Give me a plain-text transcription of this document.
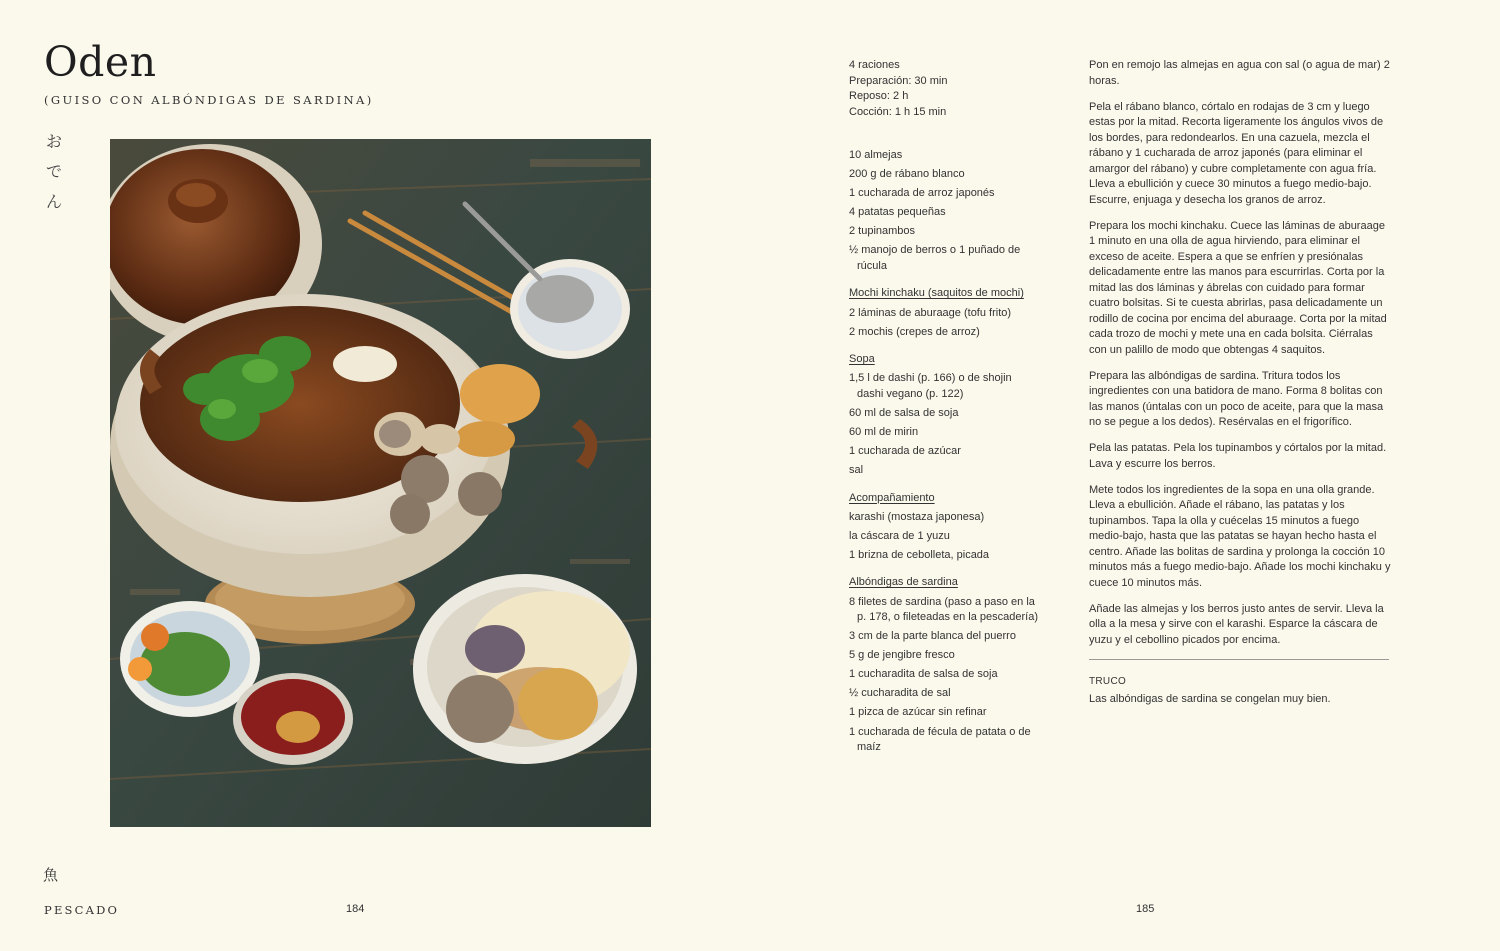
Oden
(GUISO CON ALBÓNDIGAS DE SARDINA)
お
で
ん
魚
PESCADO	184
4 raciones
Preparación: 30 min
Reposo: 2 h
Cocción: 1 h 15 min
10 almejas
200 g de rábano blanco
1 cucharada de arroz japonés
4 patatas pequeñas
2 tupinambos
½ manojo de berros o 1 puñado de rúcula
Mochi kinchaku (saquitos de mochi)
2 láminas de aburaage (tofu frito)
2 mochis (crepes de arroz)
Sopa
1,5 l de dashi (p. 166) o de shojin dashi vegano (p. 122)
60 ml de salsa de soja
60 ml de mirin
1 cucharada de azúcar
sal
Acompañamiento
karashi (mostaza japonesa)
la cáscara de 1 yuzu
1 brizna de cebolleta, picada
Albóndigas de sardina
8 filetes de sardina (paso a paso en la p. 178, o fileteadas en la pescadería)
3 cm de la parte blanca del puerro
5 g de jengibre fresco
1 cucharadita de salsa de soja
½ cucharadita de sal
1 pizca de azúcar sin refinar
1 cucharada de fécula de patata o de maíz

Pon en remojo las almejas en agua con sal (o agua de mar) 2 horas.

Pela el rábano blanco, córtalo en rodajas de 3 cm y luego estas por la mitad. Recorta ligeramente los ángulos vivos de los bordes, para redondearlos. En una cazuela, mezcla el rábano y 1 cucharada de arroz japonés (para eliminar el amargor del rábano) y cubre completamente con agua fría. Lleva a ebullición y cuece 30 minutos a fuego medio-bajo. Escurre, enjuaga y desecha los granos de arroz.

Prepara los mochi kinchaku. Cuece las láminas de aburaage 1 minuto en una olla de agua hirviendo, para eliminar el exceso de aceite. Espera a que se enfríen y presiónalas delicadamente entre las manos para escurrirlas. Corta por la mitad las dos láminas y ábrelas con cuidado para formar cuatro bolsitas. Si te cuesta abrirlas, pasa delicadamente un rodillo de cocina por encima del aburaage. Corta por la mitad cada trozo de mochi y mete una en cada bolsita. Ciérralas con un palillo de modo que obtengas 4 saquitos.

Prepara las albóndigas de sardina. Tritura todos los ingredientes con una batidora de mano. Forma 8 bolitas con las manos (úntalas con un poco de aceite, para que la masa no se pegue a los dedos). Resérvalas en el frigorífico.

Pela las patatas. Pela los tupinambos y córtalos por la mitad. Lava y escurre los berros.

Mete todos los ingredientes de la sopa en una olla grande. Lleva a ebullición. Añade el rábano, las patatas y los tupinambos. Tapa la olla y cuécelas 15 minutos a fuego medio-bajo, hasta que las patatas se hayan hecho hasta el centro. Añade las bolitas de sardina y prolonga la cocción 10 minutos más a fuego medio-bajo. Añade los mochi kinchaku y cuece 10 minutos más.

Añade las almejas y los berros justo antes de servir. Lleva la olla a la mesa y sirve con el karashi. Esparce la cáscara de yuzu y el cebollino picados por encima.

TRUCO

Las albóndigas de sardina se congelan muy bien.

185
